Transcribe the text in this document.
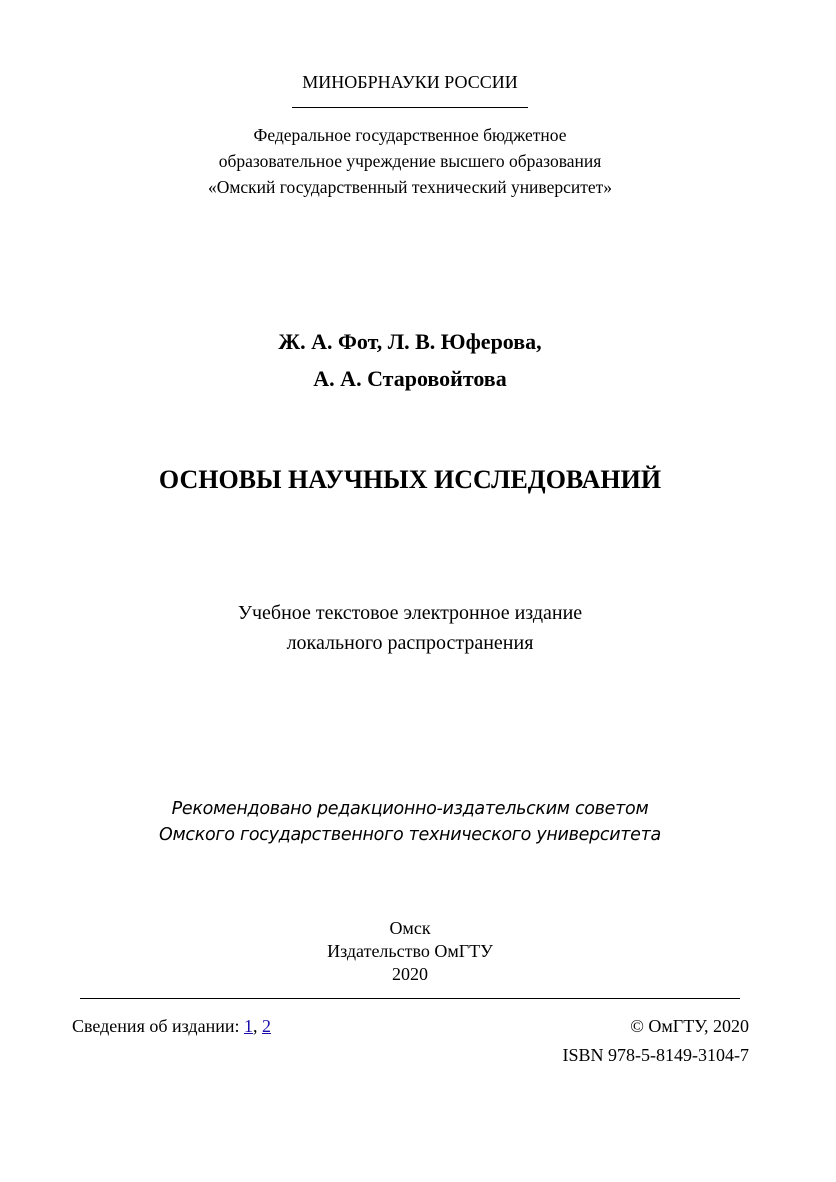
МИНОБРНАУКИ РОССИИ
Федеральное государственное бюджетное
образовательное учреждение высшего образования
«Омский государственный технический университет»
Ж. А. Фот, Л. В. Юферова,
А. А. Старовойтова
ОСНОВЫ НАУЧНЫХ ИССЛЕДОВАНИЙ
Учебное текстовое электронное издание
локального распространения
Рекомендовано редакционно-издательским советом
Омского государственного технического университета
Омск
Издательство ОмГТУ
2020
Сведения об издании: 1, 2	© ОмГТУ, 2020
ISBN 978-5-8149-3104-7
